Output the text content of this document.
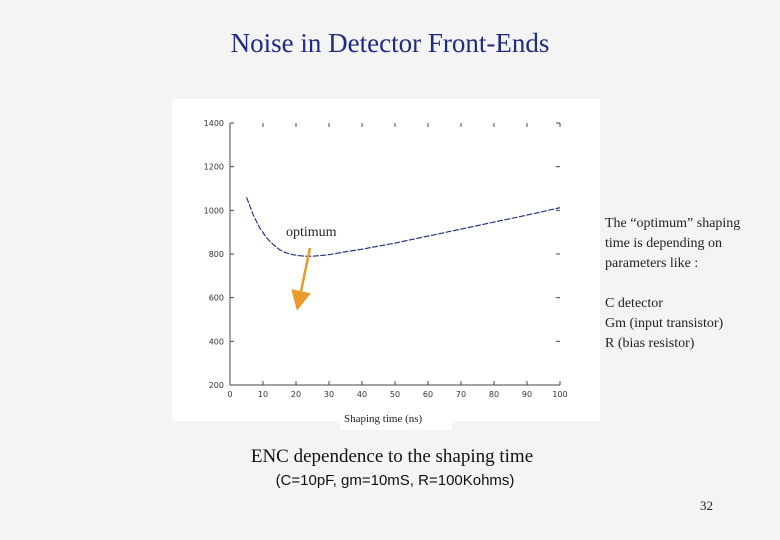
Noise in Detector Front-Ends
0	10	20	30	40	50	60	70	80	90	100
200
400
600
800
1000
1200
1400
optimum
Shaping time (ns)

The “optimum” shaping

time is depending on

parameters like :

C detector

Gm (input transistor)

R (bias resistor)

ENC dependence to the shaping time
(C=10pF, gm=10mS, R=100Kohms)
32
